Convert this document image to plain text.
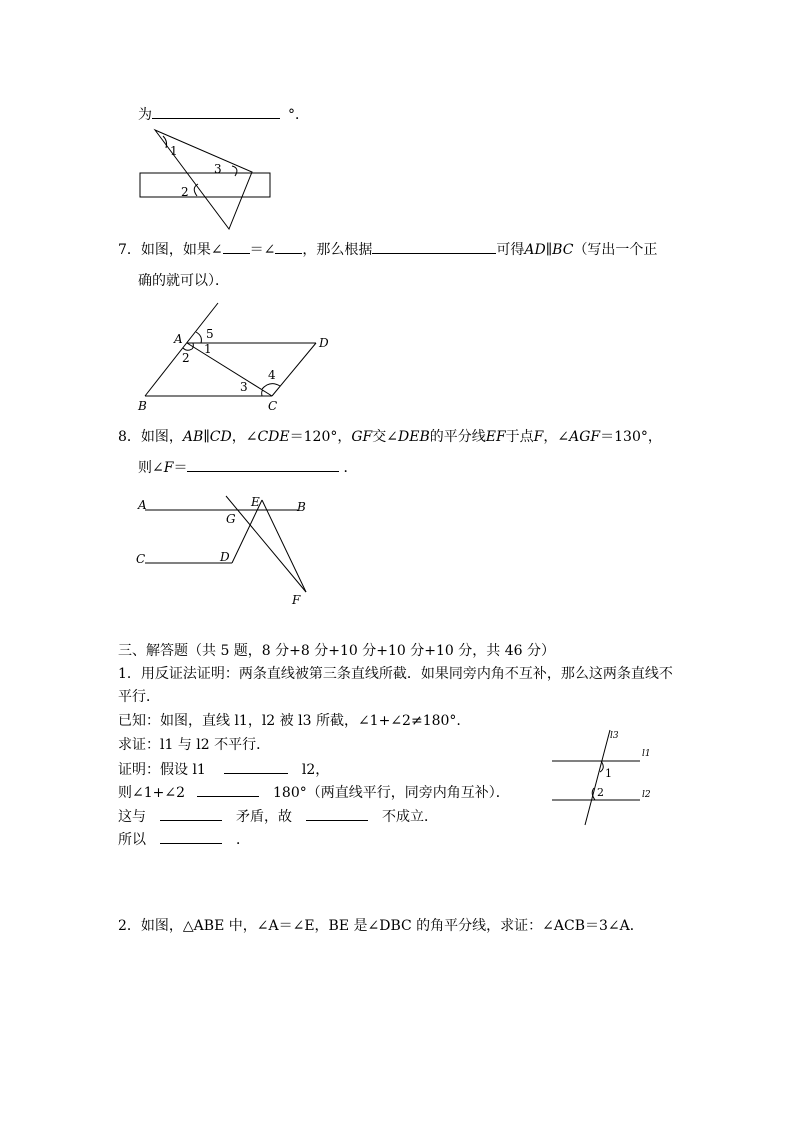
为	°．
1
2
3
7．如图，如果∠ ＝∠ ，那么根据	可得AD∥BC（写出一个正
确的就可以）．
A
B	C
D
1
2
3
4
5
8．如图，AB∥CD，∠CDE＝120°，GF交∠DEB的平分线EF于点F，∠AGF＝130°，
则∠F＝	．
A	B
C	D
E
F
G
三、解答题（共 5 题，8 分+8 分+10 分+10 分+10 分，共 46 分）
1．用反证法证明：两条直线被第三条直线所截．如果同旁内角不互补，那么这两条直线不
平行．
已知：如图，直线 l1，l2 被 l3 所截，∠1+∠2≠180°.
求证：l1 与 l2 不平行．
证明：假设 l1	l2，
则∠1+∠2	180°（两直线平行，同旁内角互补）．
这与	矛盾，故	不成立．
所以	．
l3
l1
l2
1
2
2．如图，△ABE 中，∠A＝∠E，BE 是∠DBC 的角平分线，求证：∠ACB＝3∠A．
